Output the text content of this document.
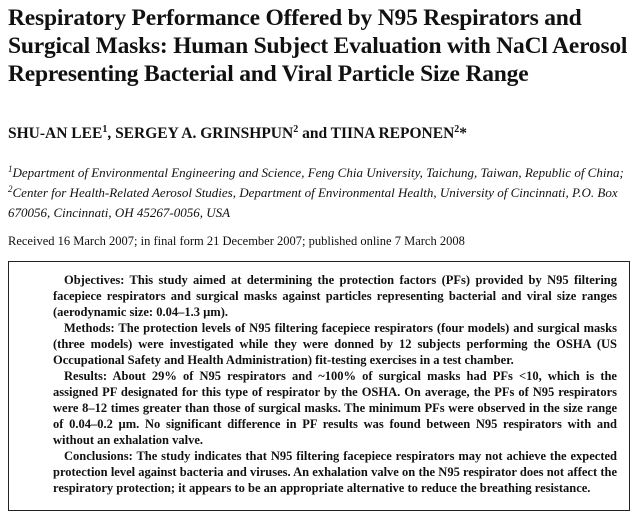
Respiratory Performance Offered by N95 Respirators and Surgical Masks: Human Subject Evaluation with NaCl Aerosol Representing Bacterial and Viral Particle Size Range
SHU-AN LEE$^1$, SERGEY A. GRINSHPUN$^2$ and TIINA REPONEN$^2$*
$^1$Department of Environmental Engineering and Science, Feng Chia University, Taichung, Taiwan, Republic of China; $^2$Center for Health-Related Aerosol Studies, Department of Environmental Health, University of Cincinnati, P.O. Box 670056, Cincinnati, OH 45267-0056, USA
Received 16 March 2007; in final form 21 December 2007; published online 7 March 2008

Objectives: This study aimed at determining the protection factors (PFs) provided by N95 filtering facepiece respirators and surgical masks against particles representing bacterial and viral size ranges (aerodynamic size: 0.04–1.3 µm).

Methods: The protection levels of N95 filtering facepiece respirators (four models) and surgical masks (three models) were investigated while they were donned by 12 subjects performing the OSHA (US Occupational Safety and Health Administration) fit-testing exercises in a test chamber.

Results: About 29% of N95 respirators and ~100% of surgical masks had PFs <10, which is the assigned PF designated for this type of respirator by the OSHA. On average, the PFs of N95 respirators were 8–12 times greater than those of surgical masks. The minimum PFs were observed in the size range of 0.04–0.2 µm. No significant difference in PF results was found between N95 respirators with and without an exhalation valve.

Conclusions: The study indicates that N95 filtering facepiece respirators may not achieve the expected protection level against bacteria and viruses. An exhalation valve on the N95 respirator does not affect the respiratory protection; it appears to be an appropriate alternative to reduce the breathing resistance.
